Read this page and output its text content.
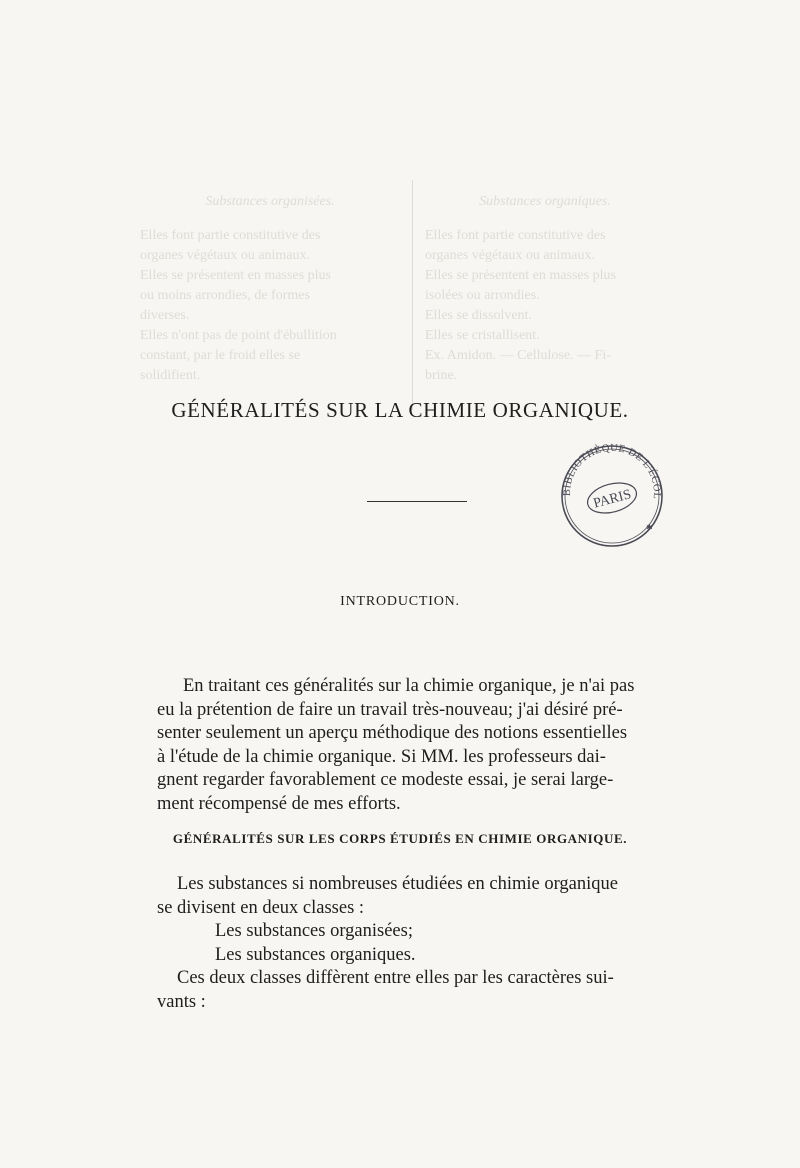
Substances organisées.
Elles font partie constitutive des
organes végétaux ou animaux.
Elles se présentent en masses plus
ou moins arrondies, de formes
diverses.
Elles n'ont pas de point d'ébullition
constant, par le froid elles se
solidifient.
Substances organiques.
Elles font partie constitutive des
organes végétaux ou animaux.
Elles se présentent en masses plus
isolées ou arrondies.
Elles se dissolvent.
Elles se cristallisent.
Ex. Amidon. — Cellulose. — Fi-
brine.
GÉNÉRALITÉS SUR LA CHIMIE ORGANIQUE.
BIBLIOTHÈQUE DE L'ÉCOL
PARIS
✱
INTRODUCTION.
En traitant ces généralités sur la chimie organique, je n'ai pas
eu la prétention de faire un travail très-nouveau; j'ai désiré pré-
senter seulement un aperçu méthodique des notions essentielles
à l'étude de la chimie organique. Si MM. les professeurs dai-
gnent regarder favorablement ce modeste essai, je serai large-
ment récompensé de mes efforts.
GÉNÉRALITÉS SUR LES CORPS ÉTUDIÉS EN CHIMIE ORGANIQUE.
Les substances si nombreuses étudiées en chimie organique
se divisent en deux classes :
Les substances organisées;
Les substances organiques.
Ces deux classes diffèrent entre elles par les caractères sui-
vants :
